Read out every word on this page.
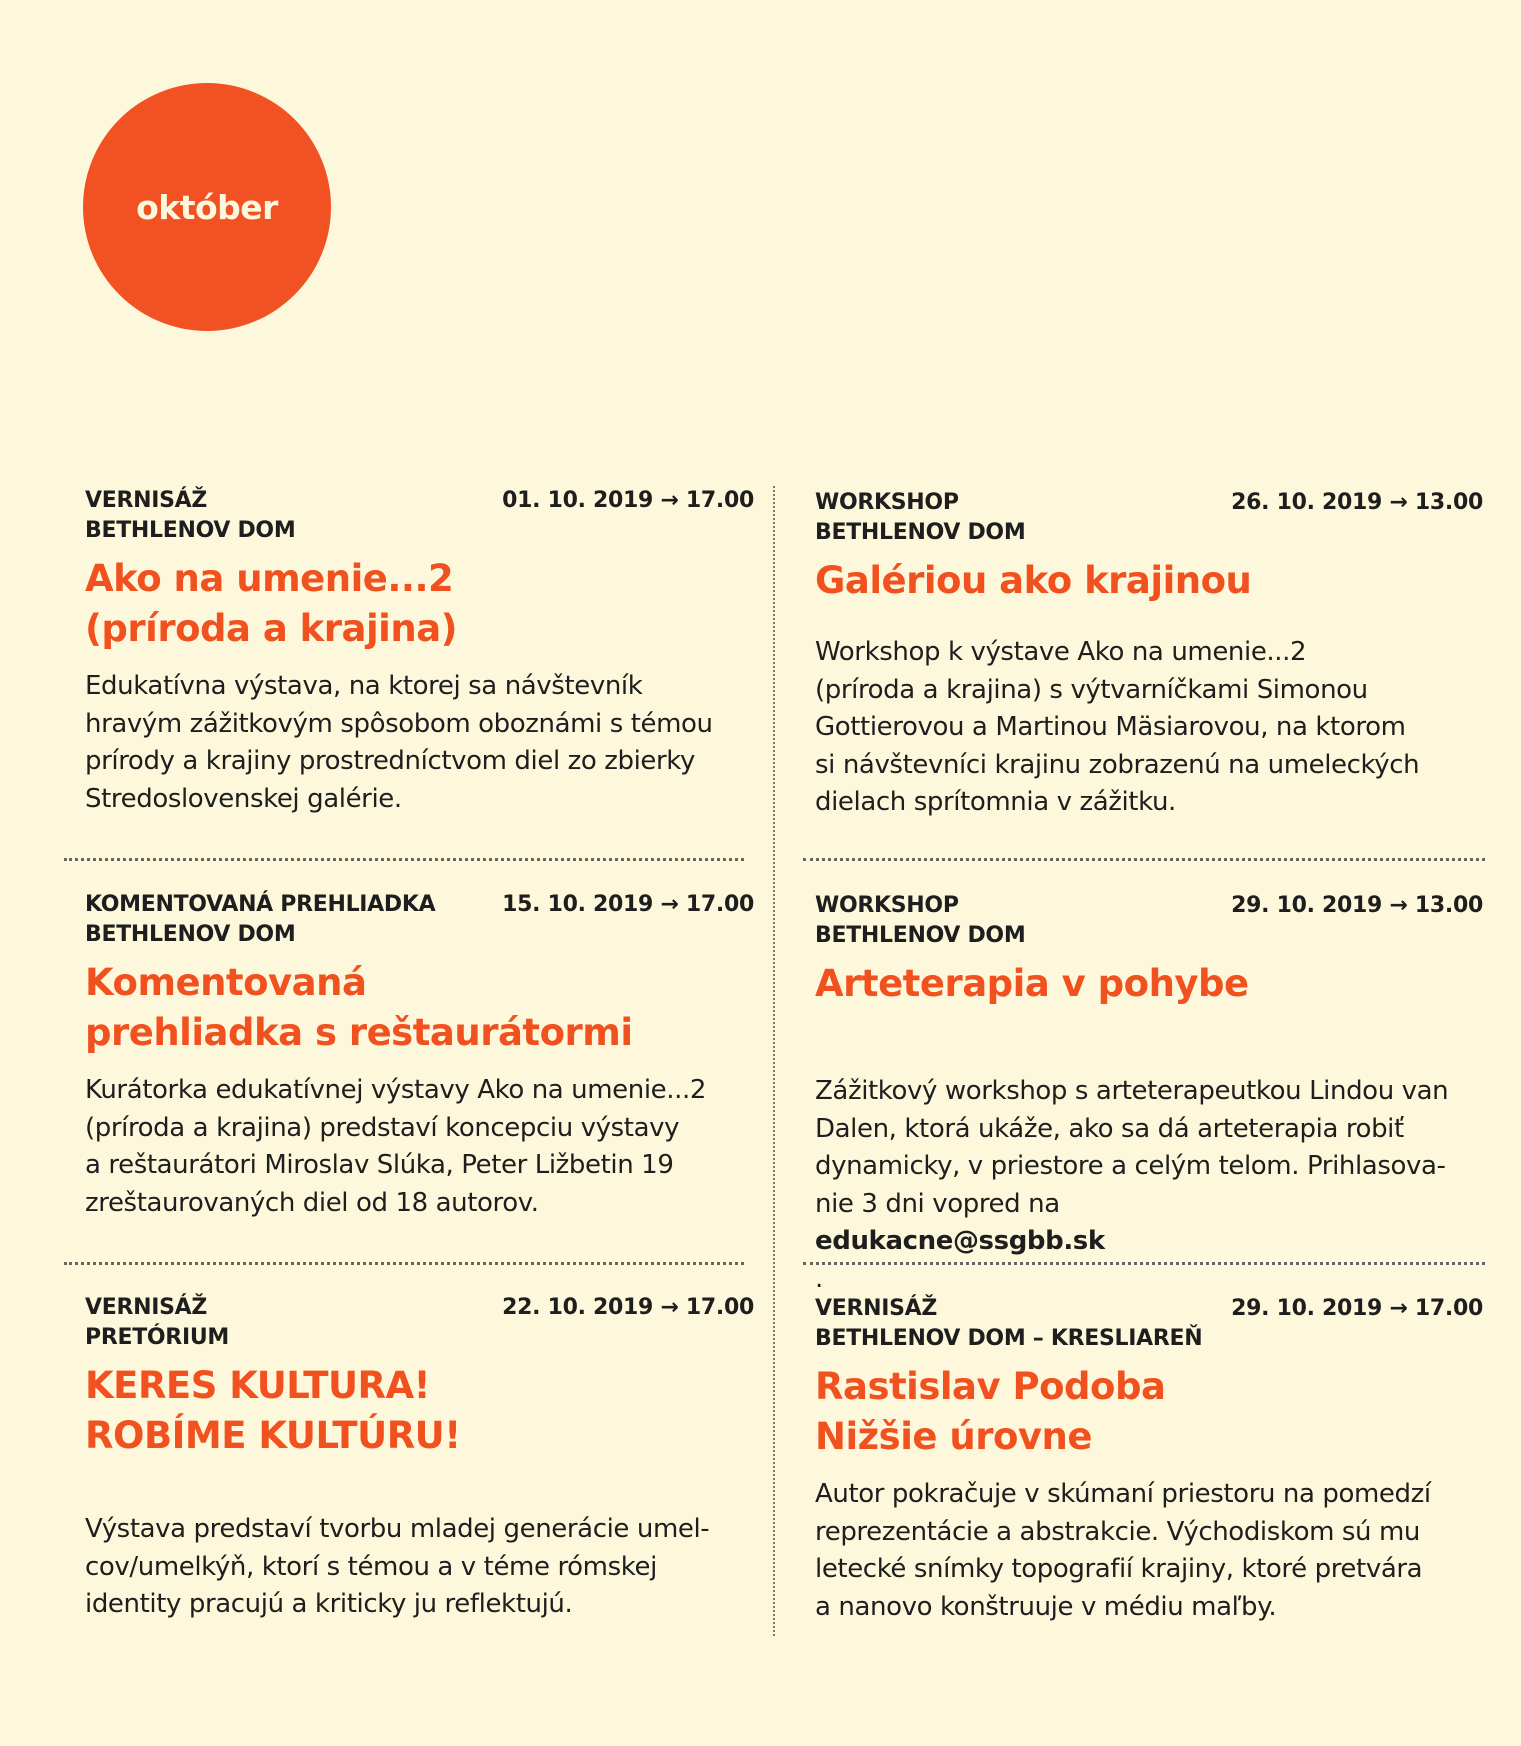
október
VERNISÁŽ
BETHLENOV DOM
01. 10. 2019 → 17.00
Ako na umenie...2
(príroda a krajina)
Edukatívna výstava, na ktorej sa návštevník
hravým zážitkovým spôsobom oboznámi s témou
prírody a krajiny prostredníctvom diel zo zbierky
Stredoslovenskej galérie.
WORKSHOP
BETHLENOV DOM
26. 10. 2019 → 13.00
Galériou ako krajinou
Workshop k výstave Ako na umenie...2
(príroda a krajina) s výtvarníčkami Simonou
Gottierovou a Martinou Mäsiarovou, na ktorom
si návštevníci krajinu zobrazenú na umeleckých
dielach sprítomnia v zážitku.
KOMENTOVANÁ PREHLIADKA
BETHLENOV DOM
15. 10. 2019 → 17.00
Komentovaná
prehliadka s reštaurátormi
Kurátorka edukatívnej výstavy Ako na umenie...2
(príroda a krajina) predstaví koncepciu výstavy
a reštaurátori Miroslav Slúka, Peter Ližbetin 19
zreštaurovaných diel od 18 autorov.
WORKSHOP
BETHLENOV DOM
29. 10. 2019 → 13.00
Arteterapia v pohybe
Zážitkový workshop s arteterapeutkou Lindou van
Dalen, ktorá ukáže, ako sa dá arteterapia robiť
dynamicky, v priestore a celým telom. Prihlasova-
nie 3 dni vopred na
edukacne@ssgbb.sk
.
VERNISÁŽ
PRETÓRIUM
22. 10. 2019 → 17.00
KERES KULTURA!
ROBÍME KULTÚRU!
Výstava predstaví tvorbu mladej generácie umel-
cov/umelkýň, ktorí s témou a v téme rómskej
identity pracujú a kriticky ju reflektujú.
VERNISÁŽ
BETHLENOV DOM – KRESLIAREŇ
29. 10. 2019 → 17.00
Rastislav Podoba
Nižšie úrovne
Autor pokračuje v skúmaní priestoru na pomedzí
reprezentácie a abstrakcie. Východiskom sú mu
letecké snímky topografií krajiny, ktoré pretvára
a nanovo konštruuje v médiu maľby.
